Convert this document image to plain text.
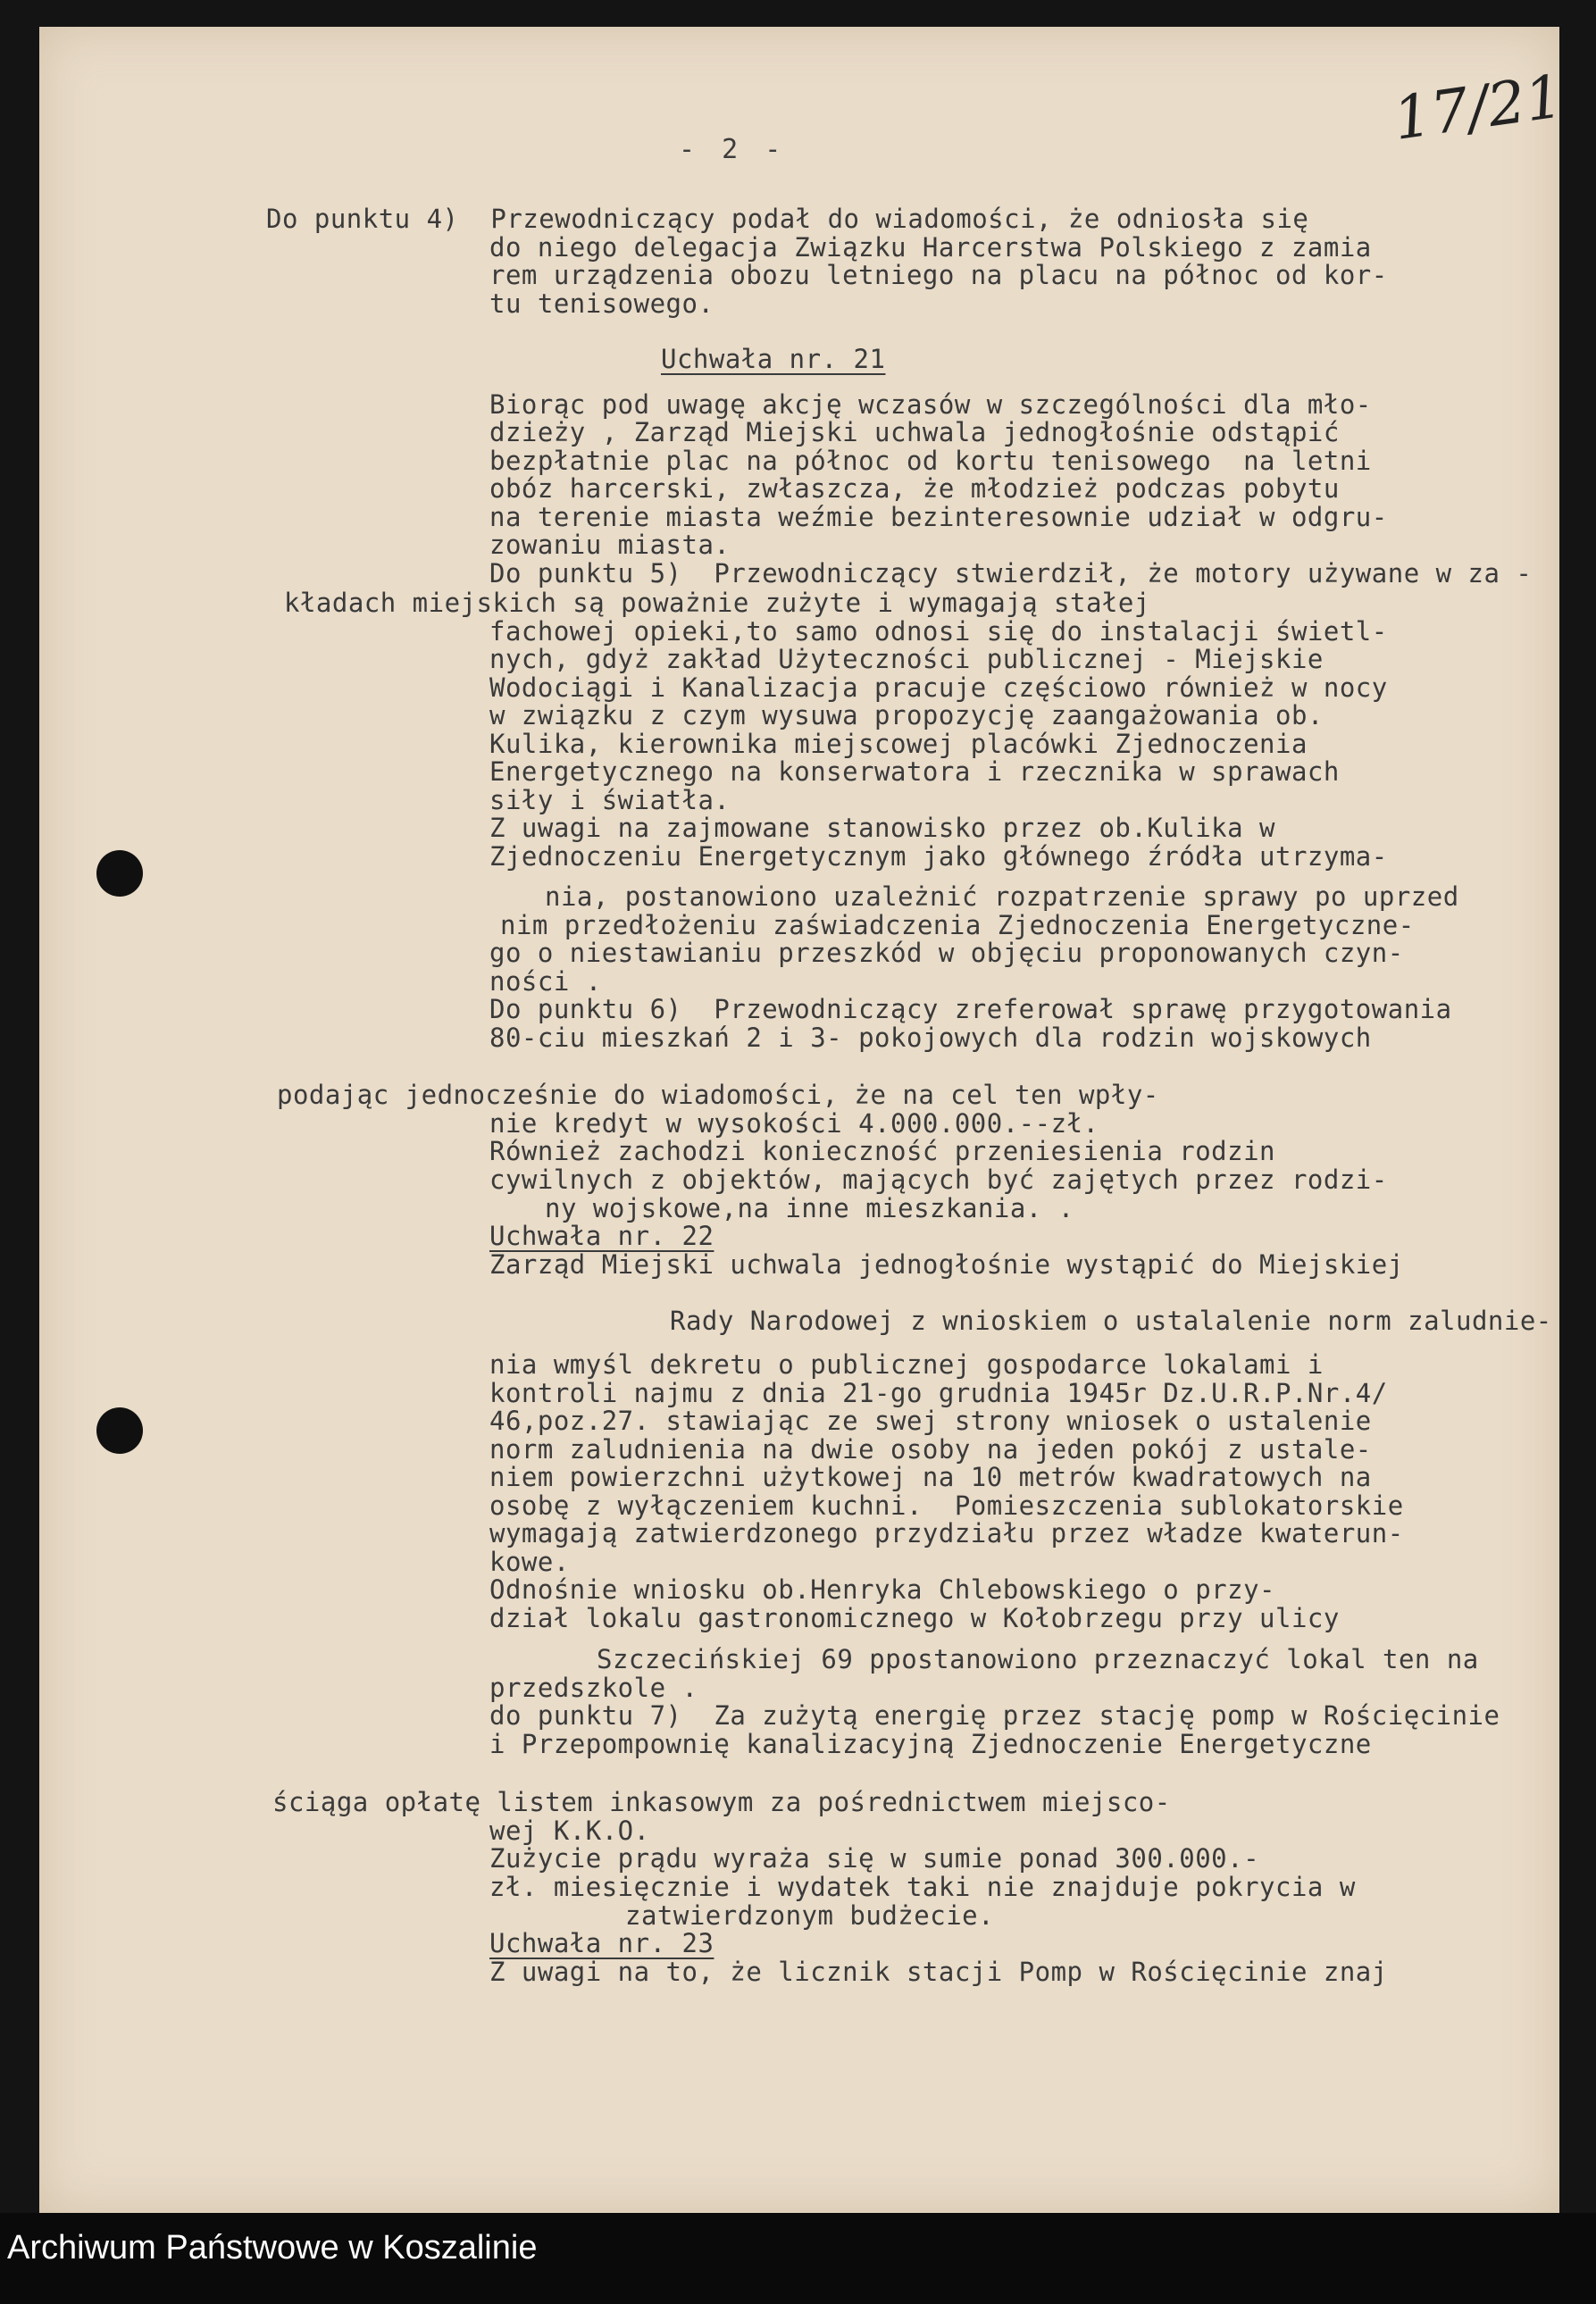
- 2 -	17/21
Do punktu 4)  Przewodniczący podał do wiadomości, że odniosła się
do niego delegacja Związku Harcerstwa Polskiego z zamia
rem urządzenia obozu letniego na placu na północ od kor-
tu tenisowego.
Uchwała nr. 21
Biorąc pod uwagę akcję wczasów w szczególności dla mło-
dzieży , Zarząd Miejski uchwala jednogłośnie odstąpić
bezpłatnie plac na północ od kortu tenisowego  na letni
obóz harcerski, zwłaszcza, że młodzież podczas pobytu
na terenie miasta weźmie bezinteresownie udział w odgru-
zowaniu miasta.
Do punktu 5)  Przewodniczący stwierdził, że motory używane w za -
kładach miejskich są poważnie zużyte i wymagają stałej
fachowej opieki,to samo odnosi się do instalacji świetl-
nych, gdyż zakład Użyteczności publicznej - Miejskie
Wodociągi i Kanalizacja pracuje częściowo również w nocy
w związku z czym wysuwa propozycję zaangażowania ob.
Kulika, kierownika miejscowej placówki Zjednoczenia
Energetycznego na konserwatora i rzecznika w sprawach
siły i światła.
Z uwagi na zajmowane stanowisko przez ob.Kulika w
Zjednoczeniu Energetycznym jako głównego źródła utrzyma-
nia, postanowiono uzależnić rozpatrzenie sprawy po uprzed
nim przedłożeniu zaświadczenia Zjednoczenia Energetyczne-
go o niestawianiu przeszkód w objęciu proponowanych czyn-
ności .
Do punktu 6)  Przewodniczący zreferował sprawę przygotowania
80-ciu mieszkań 2 i 3- pokojowych dla rodzin wojskowych
podając jednocześnie do wiadomości, że na cel ten wpły-
nie kredyt w wysokości 4.000.000.--zł.
Również zachodzi konieczność przeniesienia rodzin
cywilnych z objektów, mających być zajętych przez rodzi-
ny wojskowe,na inne mieszkania. .
Uchwała nr. 22
Zarząd Miejski uchwala jednogłośnie wystąpić do Miejskiej
Rady Narodowej z wnioskiem o ustalalenie norm zaludnie-
nia wmyśl dekretu o publicznej gospodarce lokalami i
kontroli najmu z dnia 21-go grudnia 1945r Dz.U.R.P.Nr.4/
46,poz.27. stawiając ze swej strony wniosek o ustalenie
norm zaludnienia na dwie osoby na jeden pokój z ustale-
niem powierzchni użytkowej na 10 metrów kwadratowych na
osobę z wyłączeniem kuchni.  Pomieszczenia sublokatorskie
wymagają zatwierdzonego przydziału przez władze kwaterun-
kowe.
Odnośnie wniosku ob.Henryka Chlebowskiego o przy-
dział lokalu gastronomicznego w Kołobrzegu przy ulicy
Szczecińskiej 69 ppostanowiono przeznaczyć lokal ten na
przedszkole .
do punktu 7)  Za zużytą energię przez stację pomp w Rościęcinie
i Przepompownię kanalizacyjną Zjednoczenie Energetyczne
ściąga opłatę listem inkasowym za pośrednictwem miejsco-
wej K.K.O.
Zużycie prądu wyraża się w sumie ponad 300.000.-
zł. miesięcznie i wydatek taki nie znajduje pokrycia w
zatwierdzonym budżecie.
Uchwała nr. 23
Z uwagi na to, że licznik stacji Pomp w Rościęcinie znaj
Archiwum Państwowe w Koszalinie
